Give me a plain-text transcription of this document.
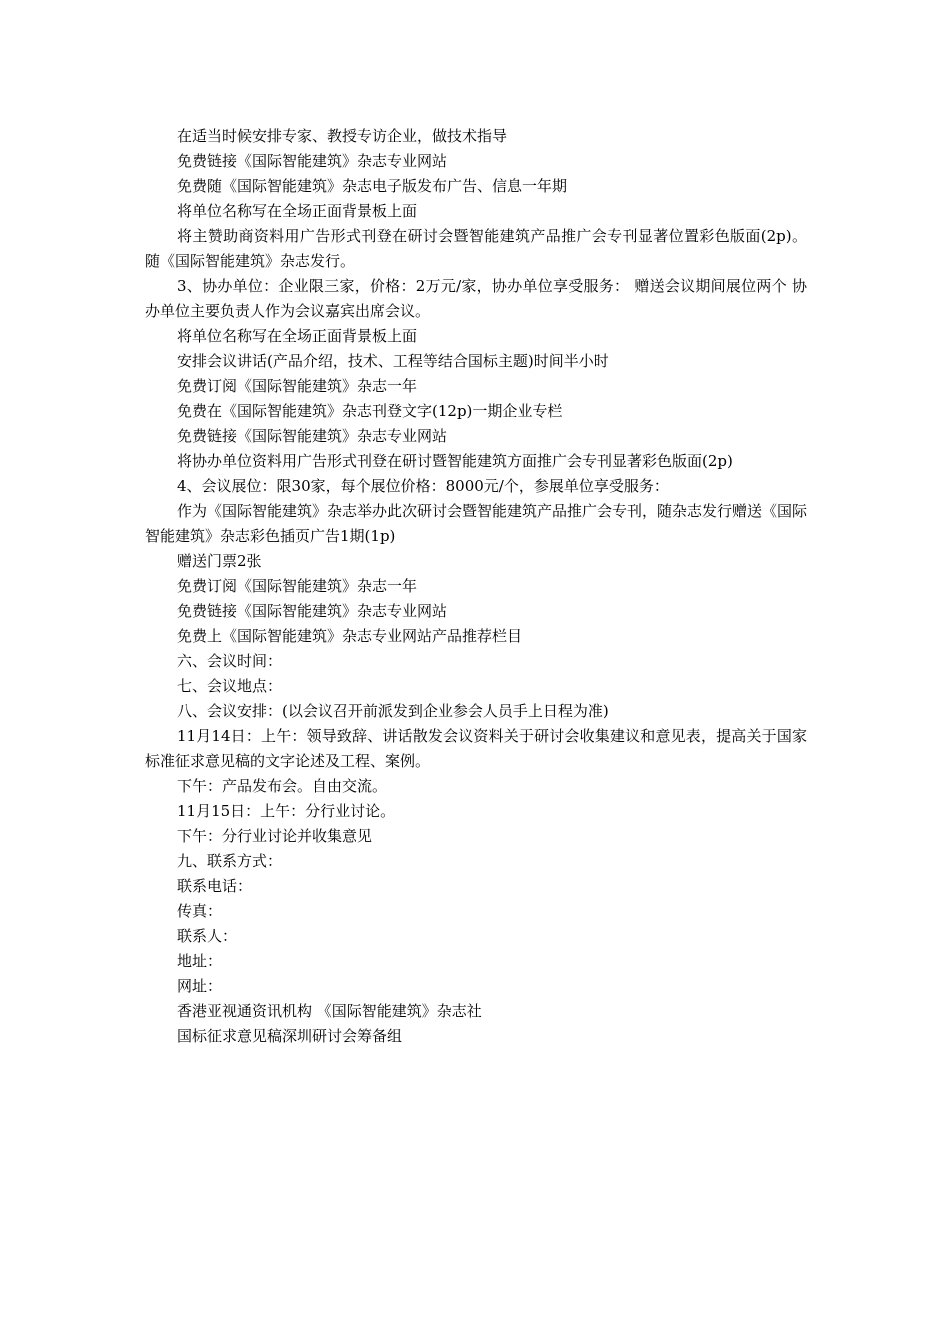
在适当时候安排专家、教授专访企业，做技术指导

免费链接《国际智能建筑》杂志专业网站

免费随《国际智能建筑》杂志电子版发布广告、信息一年期

将单位名称写在全场正面背景板上面

将主赞助商资料用广告形式刊登在研讨会暨智能建筑产品推广会专刊显著位置彩色版面(2p)。随《国际智能建筑》杂志发行。

3、协办单位：企业限三家，价格：2万元/家，协办单位享受服务： 赠送会议期间展位两个 协办单位主要负责人作为会议嘉宾出席会议。

将单位名称写在全场正面背景板上面

安排会议讲话(产品介绍，技术、工程等结合国标主题)时间半小时

免费订阅《国际智能建筑》杂志一年

免费在《国际智能建筑》杂志刊登文字(12p)一期企业专栏

免费链接《国际智能建筑》杂志专业网站

将协办单位资料用广告形式刊登在研讨暨智能建筑方面推广会专刊显著彩色版面(2p)

4、会议展位：限30家，每个展位价格：8000元/个，参展单位享受服务：

作为《国际智能建筑》杂志举办此次研讨会暨智能建筑产品推广会专刊，随杂志发行赠送《国际智能建筑》杂志彩色插页广告1期(1p)

赠送门票2张

免费订阅《国际智能建筑》杂志一年

免费链接《国际智能建筑》杂志专业网站

免费上《国际智能建筑》杂志专业网站产品推荐栏目

六、会议时间：

七、会议地点：

八、会议安排：(以会议召开前派发到企业参会人员手上日程为准)

11月14日：上午：领导致辞、讲话散发会议资料关于研讨会收集建议和意见表，提高关于国家标准征求意见稿的文字论述及工程、案例。

下午：产品发布会。自由交流。

11月15日：上午：分行业讨论。

下午：分行业讨论并收集意见

九、联系方式：

联系电话：

传真：

联系人：

地址：

网址：

香港亚视通资讯机构 《国际智能建筑》杂志社

国标征求意见稿深圳研讨会筹备组
